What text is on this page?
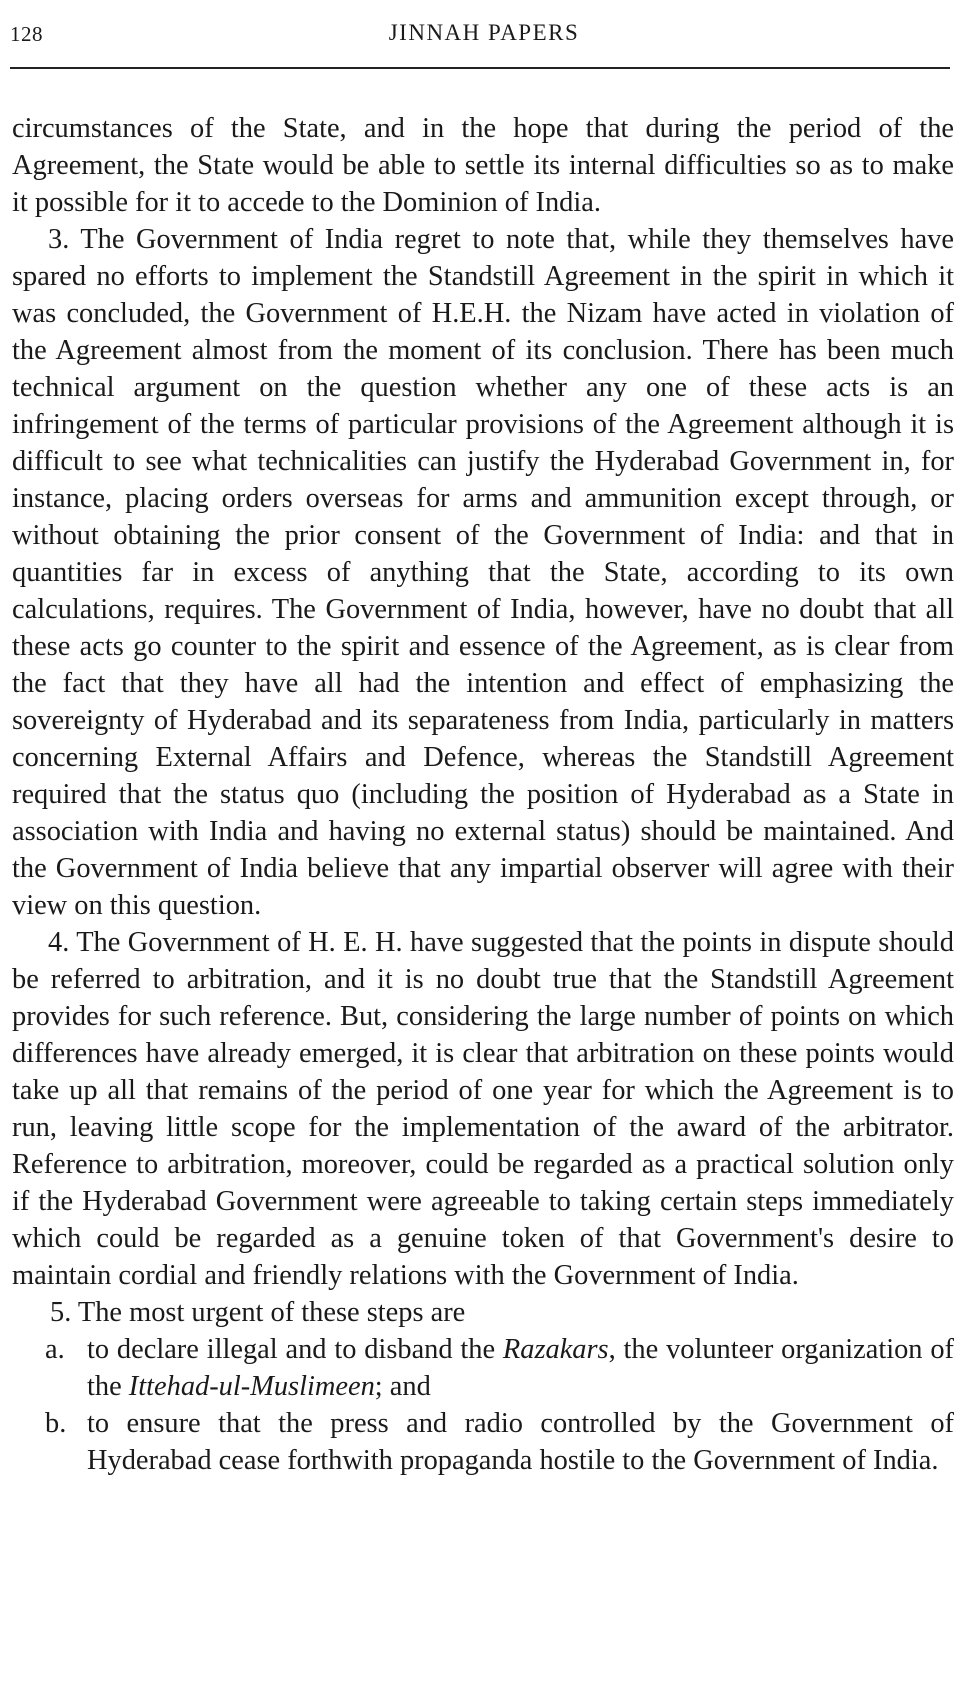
128	JINNAH PAPERS

circumstances of the State, and in the hope that during the period of the Agreement, the State would be able to settle its internal difficulties so as to make it possible for it to accede to the Dominion of India.

3. The Government of India regret to note that, while they themselves have spared no efforts to implement the Standstill Agreement in the spirit in which it was concluded, the Government of H.E.H. the Nizam have acted in violation of the Agreement almost from the moment of its conclusion. There has been much technical argument on the question whether any one of these acts is an infringement of the terms of particular provisions of the Agreement although it is difficult to see what technicalities can justify the Hyderabad Government in, for instance, placing orders overseas for arms and ammunition except through, or without obtaining the prior consent of the Government of India: and that in quantities far in excess of anything that the State, according to its own calculations, requires. The Government of India, however, have no doubt that all these acts go counter to the spirit and essence of the Agreement, as is clear from the fact that they have all had the intention and effect of emphasizing the sovereignty of Hyderabad and its separateness from India, particularly in matters concerning External Affairs and Defence, whereas the Standstill Agreement required that the status quo (including the position of Hyderabad as a State in association with India and having no external status) should be maintained. And the Government of India believe that any impartial observer will agree with their view on this question.

4. The Government of H. E. H. have suggested that the points in dispute should be referred to arbitration, and it is no doubt true that the Standstill Agreement provides for such reference. But, considering the large number of points on which differences have already emerged, it is clear that arbitration on these points would take up all that remains of the period of one year for which the Agreement is to run, leaving little scope for the implementation of the award of the arbitrator. Reference to arbitration, moreover, could be regarded as a practical solution only if the Hyderabad Government were agreeable to taking certain steps immediately which could be regarded as a genuine token of that Government's desire to maintain cordial and friendly relations with the Government of India.

5. The most urgent of these steps are

a. to declare illegal and to disband the Razakars, the volunteer organization of the Ittehad-ul-Muslimeen; and

b. to ensure that the press and radio controlled by the Government of Hyderabad cease forthwith propaganda hostile to the Government of India.
